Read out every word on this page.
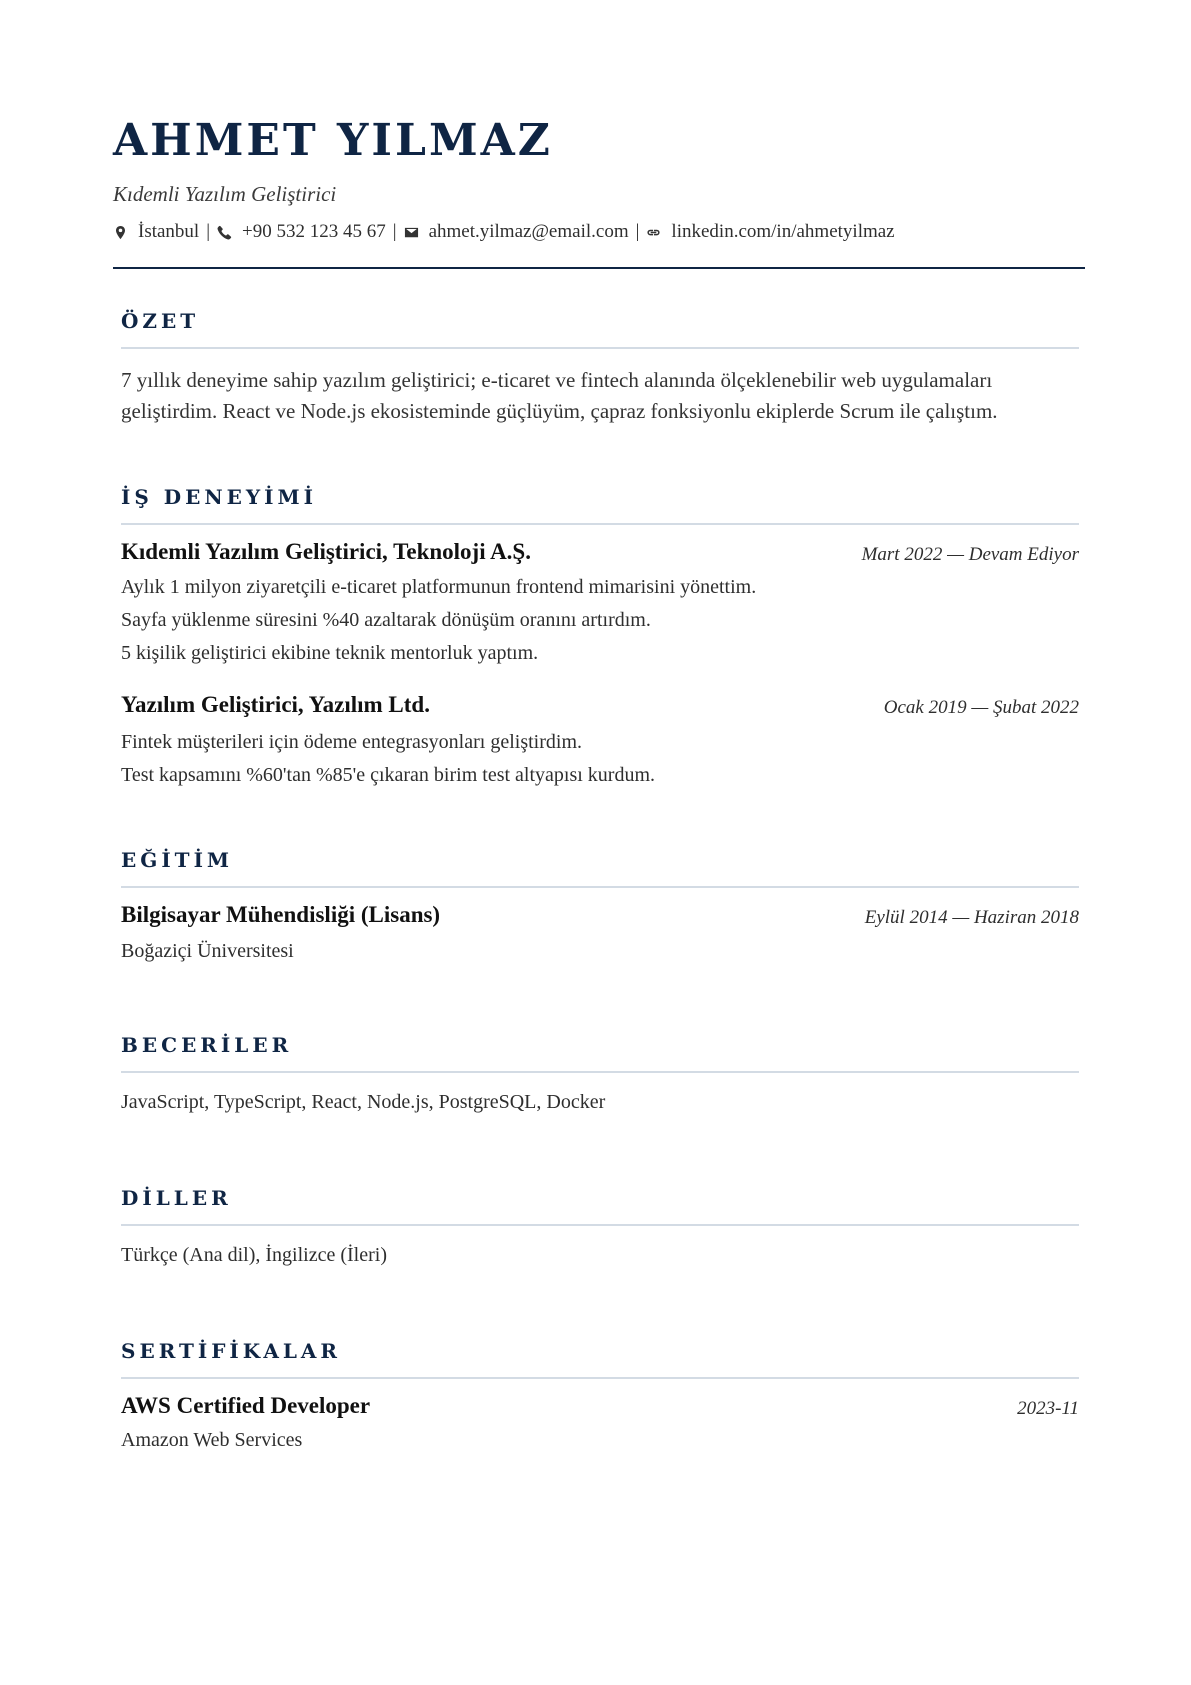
AHMET YILMAZ
Kıdemli Yazılım Geliştirici
İstanbul | +90 532 123 45 67 | ahmet.yilmaz@email.com | linkedin.com/in/ahmetyilmaz
ÖZET
7 yıllık deneyime sahip yazılım geliştirici; e-ticaret ve fintech alanında ölçeklenebilir web uygulamaları geliştirdim. React ve Node.js ekosisteminde güçlüyüm, çapraz fonksiyonlu ekiplerde Scrum ile çalıştım.
İŞ DENEYİMİ
Kıdemli Yazılım Geliştirici, Teknoloji A.Ş.	Mart 2022 — Devam Ediyor
Aylık 1 milyon ziyaretçili e-ticaret platformunun frontend mimarisini yönettim.
Sayfa yüklenme süresini %40 azaltarak dönüşüm oranını artırdım.
5 kişilik geliştirici ekibine teknik mentorluk yaptım.
Yazılım Geliştirici, Yazılım Ltd.	Ocak 2019 — Şubat 2022
Fintek müşterileri için ödeme entegrasyonları geliştirdim.
Test kapsamını %60'tan %85'e çıkaran birim test altyapısı kurdum.
EĞİTİM
Bilgisayar Mühendisliği (Lisans)	Eylül 2014 — Haziran 2018
Boğaziçi Üniversitesi
BECERİLER
JavaScript, TypeScript, React, Node.js, PostgreSQL, Docker
DİLLER
Türkçe (Ana dil), İngilizce (İleri)
SERTİFİKALAR
AWS Certified Developer	2023-11
Amazon Web Services
